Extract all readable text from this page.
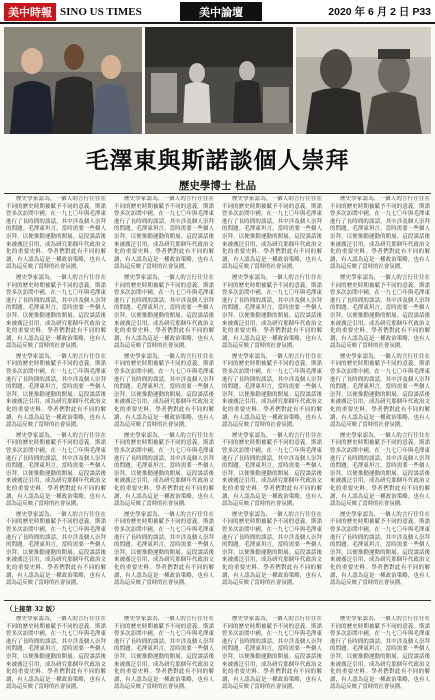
美中時報 SINO US TIMES	美中論壇	2020 年 6 月 2 日 P33
毛澤東與斯諾談個人崇拜
歷史學博士 杜品

歷史學家認為，一個人的言行往往在不同的歷史時期被賦予不同的意義。斯諾曾多次訪問中國，在一九七〇年與毛澤東進行了長時間的談話，其中涉及個人崇拜的問題。毛澤東坦言，當時需要一些個人崇拜，以便推動運動的開展。這段談話後來被廣泛引用，成為研究那個年代政治文化的重要史料。學者們對此有不同的解讀，有人認為這是一種政治策略，也有人認為這反映了當時的社會氛圍。

歷史學家認為，一個人的言行往往在不同的歷史時期被賦予不同的意義。斯諾曾多次訪問中國，在一九七〇年與毛澤東進行了長時間的談話，其中涉及個人崇拜的問題。毛澤東坦言，當時需要一些個人崇拜，以便推動運動的開展。這段談話後來被廣泛引用，成為研究那個年代政治文化的重要史料。學者們對此有不同的解讀，有人認為這是一種政治策略，也有人認為這反映了當時的社會氛圍。

歷史學家認為，一個人的言行往往在不同的歷史時期被賦予不同的意義。斯諾曾多次訪問中國，在一九七〇年與毛澤東進行了長時間的談話，其中涉及個人崇拜的問題。毛澤東坦言，當時需要一些個人崇拜，以便推動運動的開展。這段談話後來被廣泛引用，成為研究那個年代政治文化的重要史料。學者們對此有不同的解讀，有人認為這是一種政治策略，也有人認為這反映了當時的社會氛圍。

歷史學家認為，一個人的言行往往在不同的歷史時期被賦予不同的意義。斯諾曾多次訪問中國，在一九七〇年與毛澤東進行了長時間的談話，其中涉及個人崇拜的問題。毛澤東坦言，當時需要一些個人崇拜，以便推動運動的開展。這段談話後來被廣泛引用，成為研究那個年代政治文化的重要史料。學者們對此有不同的解讀，有人認為這是一種政治策略，也有人認為這反映了當時的社會氛圍。

歷史學家認為，一個人的言行往往在不同的歷史時期被賦予不同的意義。斯諾曾多次訪問中國，在一九七〇年與毛澤東進行了長時間的談話，其中涉及個人崇拜的問題。毛澤東坦言，當時需要一些個人崇拜，以便推動運動的開展。這段談話後來被廣泛引用，成為研究那個年代政治文化的重要史料。學者們對此有不同的解讀，有人認為這是一種政治策略，也有人認為這反映了當時的社會氛圍。

歷史學家認為，一個人的言行往往在不同的歷史時期被賦予不同的意義。斯諾曾多次訪問中國，在一九七〇年與毛澤東進行了長時間的談話，其中涉及個人崇拜的問題。毛澤東坦言，當時需要一些個人崇拜，以便推動運動的開展。這段談話後來被廣泛引用，成為研究那個年代政治文化的重要史料。學者們對此有不同的解讀，有人認為這是一種政治策略，也有人認為這反映了當時的社會氛圍。

歷史學家認為，一個人的言行往往在不同的歷史時期被賦予不同的意義。斯諾曾多次訪問中國，在一九七〇年與毛澤東進行了長時間的談話，其中涉及個人崇拜的問題。毛澤東坦言，當時需要一些個人崇拜，以便推動運動的開展。這段談話後來被廣泛引用，成為研究那個年代政治文化的重要史料。學者們對此有不同的解讀，有人認為這是一種政治策略，也有人認為這反映了當時的社會氛圍。

歷史學家認為，一個人的言行往往在不同的歷史時期被賦予不同的意義。斯諾曾多次訪問中國，在一九七〇年與毛澤東進行了長時間的談話，其中涉及個人崇拜的問題。毛澤東坦言，當時需要一些個人崇拜，以便推動運動的開展。這段談話後來被廣泛引用，成為研究那個年代政治文化的重要史料。學者們對此有不同的解讀，有人認為這是一種政治策略，也有人認為這反映了當時的社會氛圍。

歷史學家認為，一個人的言行往往在不同的歷史時期被賦予不同的意義。斯諾曾多次訪問中國，在一九七〇年與毛澤東進行了長時間的談話，其中涉及個人崇拜的問題。毛澤東坦言，當時需要一些個人崇拜，以便推動運動的開展。這段談話後來被廣泛引用，成為研究那個年代政治文化的重要史料。學者們對此有不同的解讀，有人認為這是一種政治策略，也有人認為這反映了當時的社會氛圍。

歷史學家認為，一個人的言行往往在不同的歷史時期被賦予不同的意義。斯諾曾多次訪問中國，在一九七〇年與毛澤東進行了長時間的談話，其中涉及個人崇拜的問題。毛澤東坦言，當時需要一些個人崇拜，以便推動運動的開展。這段談話後來被廣泛引用，成為研究那個年代政治文化的重要史料。學者們對此有不同的解讀，有人認為這是一種政治策略，也有人認為這反映了當時的社會氛圍。

歷史學家認為，一個人的言行往往在不同的歷史時期被賦予不同的意義。斯諾曾多次訪問中國，在一九七〇年與毛澤東進行了長時間的談話，其中涉及個人崇拜的問題。毛澤東坦言，當時需要一些個人崇拜，以便推動運動的開展。這段談話後來被廣泛引用，成為研究那個年代政治文化的重要史料。學者們對此有不同的解讀，有人認為這是一種政治策略，也有人認為這反映了當時的社會氛圍。

歷史學家認為，一個人的言行往往在不同的歷史時期被賦予不同的意義。斯諾曾多次訪問中國，在一九七〇年與毛澤東進行了長時間的談話，其中涉及個人崇拜的問題。毛澤東坦言，當時需要一些個人崇拜，以便推動運動的開展。這段談話後來被廣泛引用，成為研究那個年代政治文化的重要史料。學者們對此有不同的解讀，有人認為這是一種政治策略，也有人認為這反映了當時的社會氛圍。

歷史學家認為，一個人的言行往往在不同的歷史時期被賦予不同的意義。斯諾曾多次訪問中國，在一九七〇年與毛澤東進行了長時間的談話，其中涉及個人崇拜的問題。毛澤東坦言，當時需要一些個人崇拜，以便推動運動的開展。這段談話後來被廣泛引用，成為研究那個年代政治文化的重要史料。學者們對此有不同的解讀，有人認為這是一種政治策略，也有人認為這反映了當時的社會氛圍。

歷史學家認為，一個人的言行往往在不同的歷史時期被賦予不同的意義。斯諾曾多次訪問中國，在一九七〇年與毛澤東進行了長時間的談話，其中涉及個人崇拜的問題。毛澤東坦言，當時需要一些個人崇拜，以便推動運動的開展。這段談話後來被廣泛引用，成為研究那個年代政治文化的重要史料。學者們對此有不同的解讀，有人認為這是一種政治策略，也有人認為這反映了當時的社會氛圍。

歷史學家認為，一個人的言行往往在不同的歷史時期被賦予不同的意義。斯諾曾多次訪問中國，在一九七〇年與毛澤東進行了長時間的談話，其中涉及個人崇拜的問題。毛澤東坦言，當時需要一些個人崇拜，以便推動運動的開展。這段談話後來被廣泛引用，成為研究那個年代政治文化的重要史料。學者們對此有不同的解讀，有人認為這是一種政治策略，也有人認為這反映了當時的社會氛圍。

歷史學家認為，一個人的言行往往在不同的歷史時期被賦予不同的意義。斯諾曾多次訪問中國，在一九七〇年與毛澤東進行了長時間的談話，其中涉及個人崇拜的問題。毛澤東坦言，當時需要一些個人崇拜，以便推動運動的開展。這段談話後來被廣泛引用，成為研究那個年代政治文化的重要史料。學者們對此有不同的解讀，有人認為這是一種政治策略，也有人認為這反映了當時的社會氛圍。

歷史學家認為，一個人的言行往往在不同的歷史時期被賦予不同的意義。斯諾曾多次訪問中國，在一九七〇年與毛澤東進行了長時間的談話，其中涉及個人崇拜的問題。毛澤東坦言，當時需要一些個人崇拜，以便推動運動的開展。這段談話後來被廣泛引用，成為研究那個年代政治文化的重要史料。學者們對此有不同的解讀，有人認為這是一種政治策略，也有人認為這反映了當時的社會氛圍。

歷史學家認為，一個人的言行往往在不同的歷史時期被賦予不同的意義。斯諾曾多次訪問中國，在一九七〇年與毛澤東進行了長時間的談話，其中涉及個人崇拜的問題。毛澤東坦言，當時需要一些個人崇拜，以便推動運動的開展。這段談話後來被廣泛引用，成為研究那個年代政治文化的重要史料。學者們對此有不同的解讀，有人認為這是一種政治策略，也有人認為這反映了當時的社會氛圍。

歷史學家認為，一個人的言行往往在不同的歷史時期被賦予不同的意義。斯諾曾多次訪問中國，在一九七〇年與毛澤東進行了長時間的談話，其中涉及個人崇拜的問題。毛澤東坦言，當時需要一些個人崇拜，以便推動運動的開展。這段談話後來被廣泛引用，成為研究那個年代政治文化的重要史料。學者們對此有不同的解讀，有人認為這是一種政治策略，也有人認為這反映了當時的社會氛圍。

歷史學家認為，一個人的言行往往在不同的歷史時期被賦予不同的意義。斯諾曾多次訪問中國，在一九七〇年與毛澤東進行了長時間的談話，其中涉及個人崇拜的問題。毛澤東坦言，當時需要一些個人崇拜，以便推動運動的開展。這段談話後來被廣泛引用，成為研究那個年代政治文化的重要史料。學者們對此有不同的解讀，有人認為這是一種政治策略，也有人認為這反映了當時的社會氛圍。

（上接第 32 版）

歷史學家認為，一個人的言行往往在不同的歷史時期被賦予不同的意義。斯諾曾多次訪問中國，在一九七〇年與毛澤東進行了長時間的談話，其中涉及個人崇拜的問題。毛澤東坦言，當時需要一些個人崇拜，以便推動運動的開展。這段談話後來被廣泛引用，成為研究那個年代政治文化的重要史料。學者們對此有不同的解讀，有人認為這是一種政治策略，也有人認為這反映了當時的社會氛圍。

歷史學家認為，一個人的言行往往在不同的歷史時期被賦予不同的意義。斯諾曾多次訪問中國，在一九七〇年與毛澤東進行了長時間的談話，其中涉及個人崇拜的問題。毛澤東坦言，當時需要一些個人崇拜，以便推動運動的開展。這段談話後來被廣泛引用，成為研究那個年代政治文化的重要史料。學者們對此有不同的解讀，有人認為這是一種政治策略，也有人認為這反映了當時的社會氛圍。

歷史學家認為，一個人的言行往往在不同的歷史時期被賦予不同的意義。斯諾曾多次訪問中國，在一九七〇年與毛澤東進行了長時間的談話，其中涉及個人崇拜的問題。毛澤東坦言，當時需要一些個人崇拜，以便推動運動的開展。這段談話後來被廣泛引用，成為研究那個年代政治文化的重要史料。學者們對此有不同的解讀，有人認為這是一種政治策略，也有人認為這反映了當時的社會氛圍。

歷史學家認為，一個人的言行往往在不同的歷史時期被賦予不同的意義。斯諾曾多次訪問中國，在一九七〇年與毛澤東進行了長時間的談話，其中涉及個人崇拜的問題。毛澤東坦言，當時需要一些個人崇拜，以便推動運動的開展。這段談話後來被廣泛引用，成為研究那個年代政治文化的重要史料。學者們對此有不同的解讀，有人認為這是一種政治策略，也有人認為這反映了當時的社會氛圍。
